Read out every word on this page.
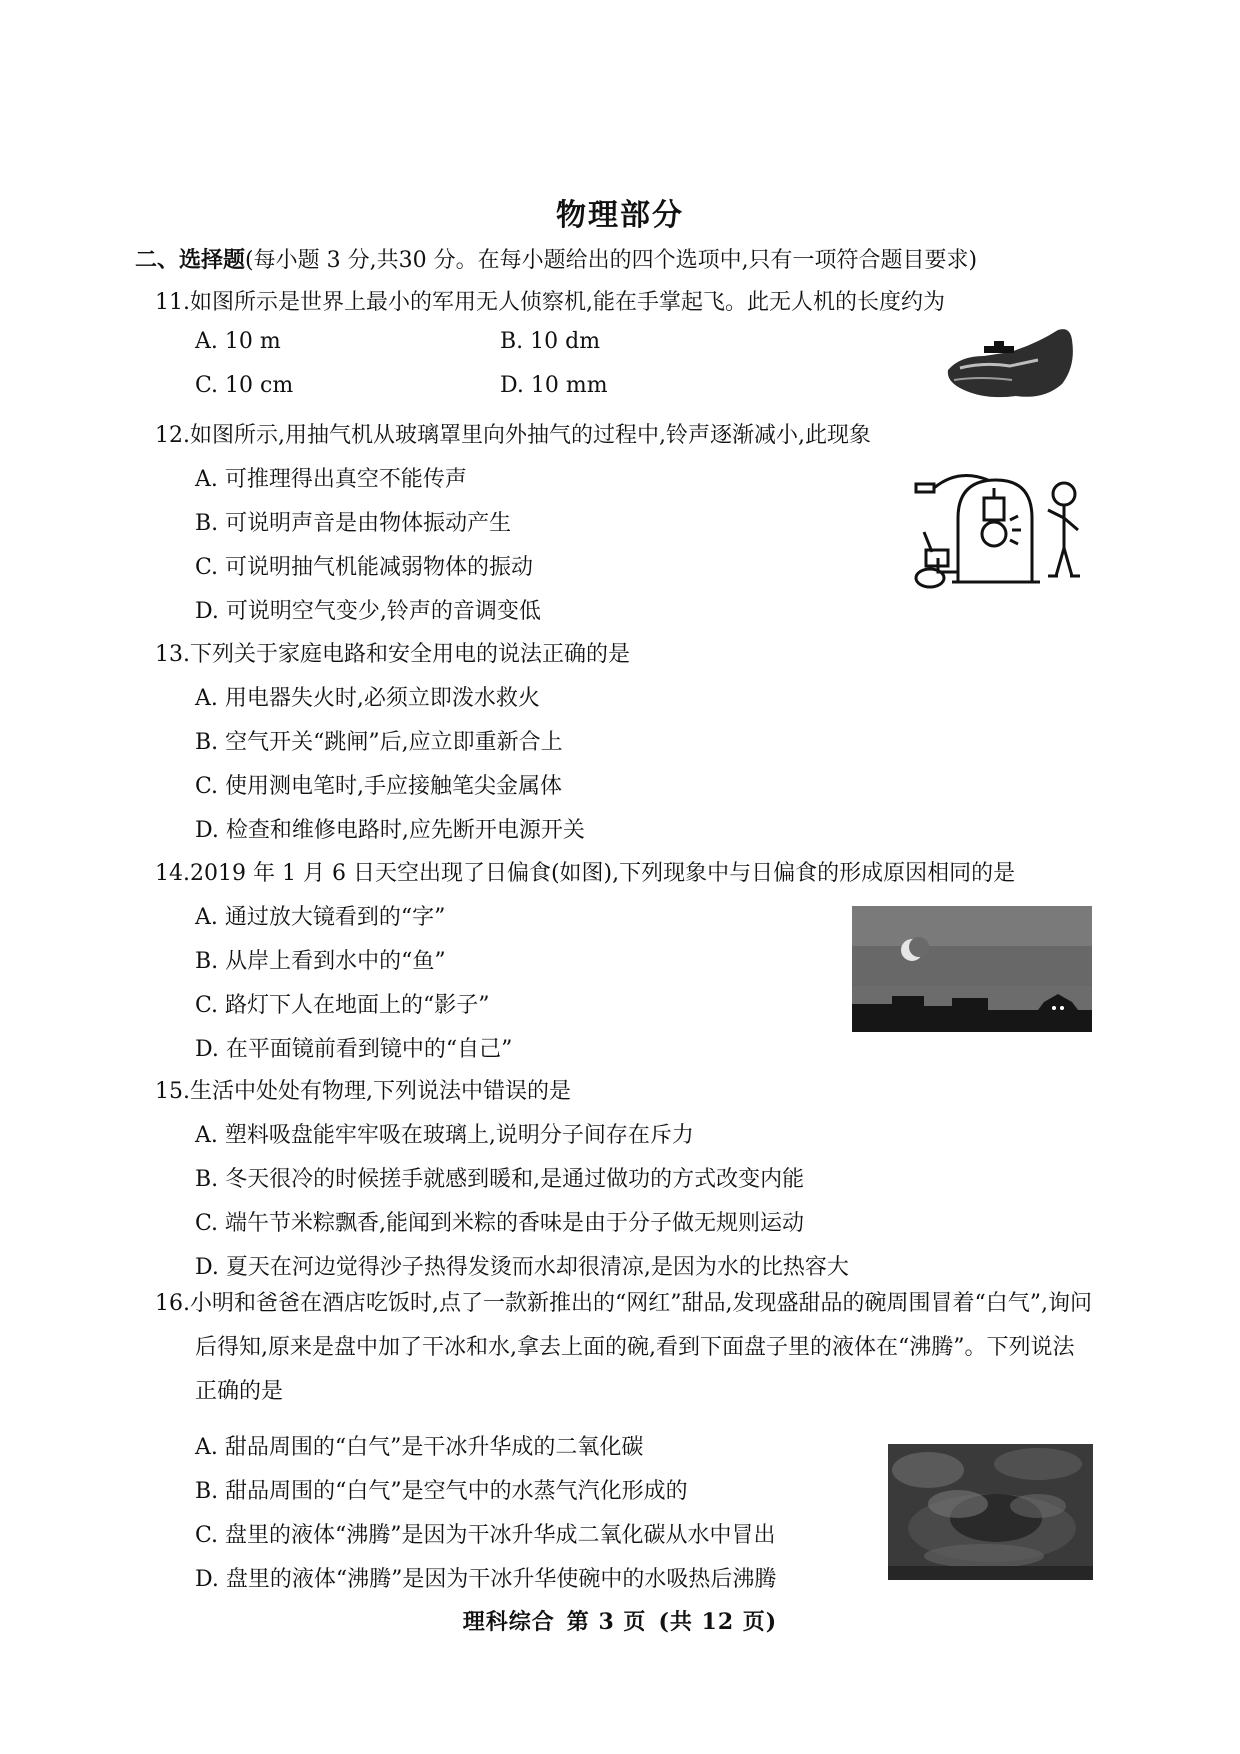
物理部分
二、选择题(每小题 3 分,共30 分。在每小题给出的四个选项中,只有一项符合题目要求)
11.如图所示是世界上最小的军用无人侦察机,能在手掌起飞。此无人机的长度约为
A. 10 m	B. 10 dm
C. 10 cm	D. 10 mm
12.如图所示,用抽气机从玻璃罩里向外抽气的过程中,铃声逐渐减小,此现象
A. 可推理得出真空不能传声
B. 可说明声音是由物体振动产生
C. 可说明抽气机能减弱物体的振动
D. 可说明空气变少,铃声的音调变低
13.下列关于家庭电路和安全用电的说法正确的是
A. 用电器失火时,必须立即泼水救火
B. 空气开关“跳闸”后,应立即重新合上
C. 使用测电笔时,手应接触笔尖金属体
D. 检查和维修电路时,应先断开电源开关
14.2019 年 1 月 6 日天空出现了日偏食(如图),下列现象中与日偏食的形成原因相同的是
A. 通过放大镜看到的“字”
B. 从岸上看到水中的“鱼”
C. 路灯下人在地面上的“影子”
D. 在平面镜前看到镜中的“自己”
15.生活中处处有物理,下列说法中错误的是
A. 塑料吸盘能牢牢吸在玻璃上,说明分子间存在斥力
B. 冬天很冷的时候搓手就感到暖和,是通过做功的方式改变内能
C. 端午节米粽飘香,能闻到米粽的香味是由于分子做无规则运动
D. 夏天在河边觉得沙子热得发烫而水却很清凉,是因为水的比热容大
16.小明和爸爸在酒店吃饭时,点了一款新推出的“网红”甜品,发现盛甜品的碗周围冒着“白气”,询问后得知,原来是盘中加了干冰和水,拿去上面的碗,看到下面盘子里的液体在“沸腾”。下列说法正确的是
A. 甜品周围的“白气”是干冰升华成的二氧化碳
B. 甜品周围的“白气”是空气中的水蒸气汽化形成的
C. 盘里的液体“沸腾”是因为干冰升华成二氧化碳从水中冒出
D. 盘里的液体“沸腾”是因为干冰升华使碗中的水吸热后沸腾
理科综合 第 3 页 (共 12 页)
